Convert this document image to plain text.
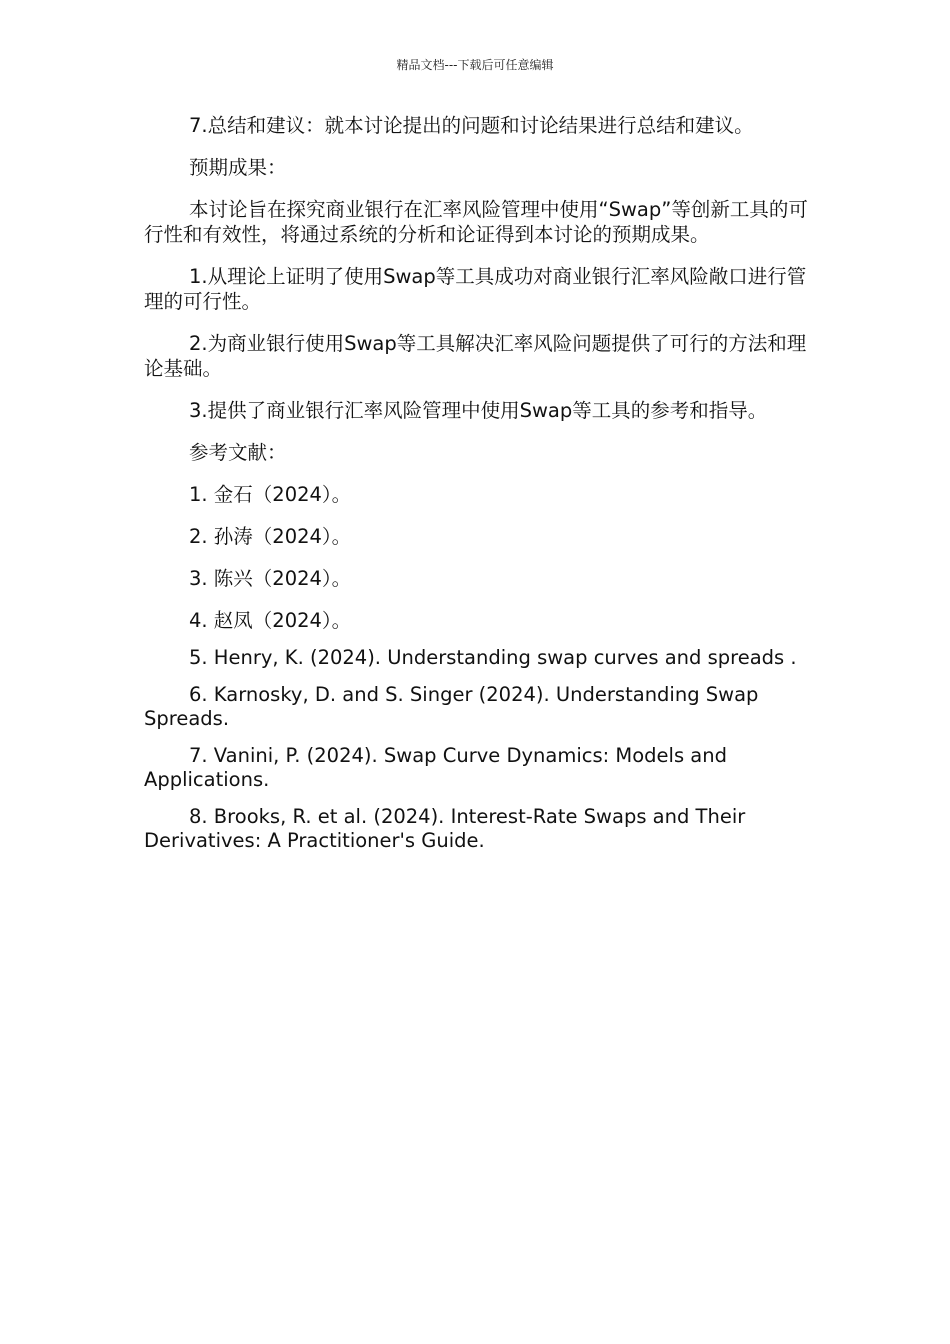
精品文档---下载后可任意编辑

7.总结和建议：就本讨论提出的问题和讨论结果进行总结和建议。

预期成果：

本讨论旨在探究商业银行在汇率风险管理中使用“Swap”等创新工具的可行性和有效性，将通过系统的分析和论证得到本讨论的预期成果。

1.从理论上证明了使用Swap等工具成功对商业银行汇率风险敞口进行管理的可行性。

2.为商业银行使用Swap等工具解决汇率风险问题提供了可行的方法和理论基础。

3.提供了商业银行汇率风险管理中使用Swap等工具的参考和指导。

参考文献：

1. 金石（2024）。

2. 孙涛（2024）。

3. 陈兴（2024）。

4. 赵凤（2024）。

5. Henry, K. (2024). Understanding swap curves and spreads .

6. Karnosky, D. and S. Singer (2024). Understanding Swap Spreads.

7. Vanini, P. (2024). Swap Curve Dynamics: Models and Applications.

8. Brooks, R. et al. (2024). Interest-Rate Swaps and Their Derivatives: A Practitioner's Guide.
